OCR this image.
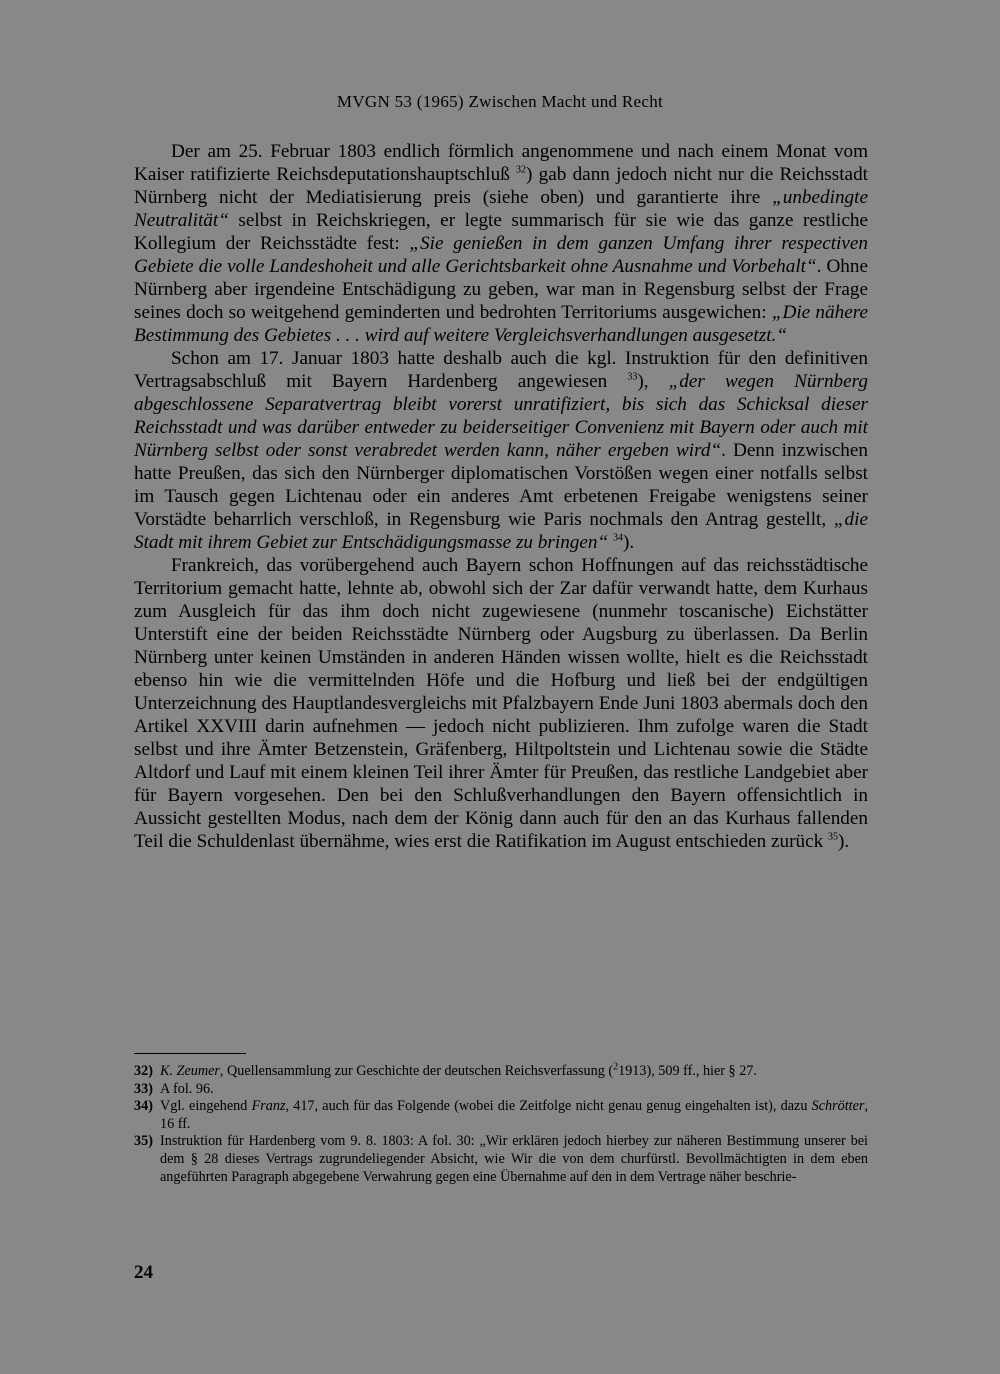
MVGN 53 (1965) Zwischen Macht und Recht

Der am 25. Februar 1803 endlich förmlich angenommene und nach einem Monat vom Kaiser ratifizierte Reichsdeputationshauptschluß $^{32}$) gab dann jedoch nicht nur die Reichsstadt Nürnberg nicht der Mediatisierung preis (siehe oben) und garantierte ihre „unbedingte Neutralität“ selbst in Reichskriegen, er legte summarisch für sie wie das ganze restliche Kollegium der Reichsstädte fest: „Sie genießen in dem ganzen Umfang ihrer respectiven Gebiete die volle Landeshoheit und alle Gerichtsbarkeit ohne Ausnahme und Vorbehalt“. Ohne Nürnberg aber irgendeine Entschädigung zu geben, war man in Regensburg selbst der Frage seines doch so weitgehend geminderten und bedrohten Territoriums ausgewichen: „Die nähere Bestimmung des Gebietes . . . wird auf weitere Vergleichsverhandlungen ausgesetzt.“

Schon am 17. Januar 1803 hatte deshalb auch die kgl. Instruktion für den definitiven Vertragsabschluß mit Bayern Hardenberg angewiesen $^{33}$), „der wegen Nürnberg abgeschlossene Separatvertrag bleibt vorerst unratifiziert, bis sich das Schicksal dieser Reichsstadt und was darüber entweder zu beiderseitiger Convenienz mit Bayern oder auch mit Nürnberg selbst oder sonst verabredet werden kann, näher ergeben wird“. Denn inzwischen hatte Preußen, das sich den Nürnberger diplomatischen Vorstößen wegen einer notfalls selbst im Tausch gegen Lichtenau oder ein anderes Amt erbetenen Freigabe wenigstens seiner Vorstädte beharrlich verschloß, in Regensburg wie Paris nochmals den Antrag gestellt, „die Stadt mit ihrem Gebiet zur Entschädigungsmasse zu bringen“ $^{34}$).

Frankreich, das vorübergehend auch Bayern schon Hoffnungen auf das reichsstädtische Territorium gemacht hatte, lehnte ab, obwohl sich der Zar dafür verwandt hatte, dem Kurhaus zum Ausgleich für das ihm doch nicht zugewiesene (nunmehr toscanische) Eichstätter Unterstift eine der beiden Reichsstädte Nürnberg oder Augsburg zu überlassen. Da Berlin Nürnberg unter keinen Umständen in anderen Händen wissen wollte, hielt es die Reichsstadt ebenso hin wie die vermittelnden Höfe und die Hofburg und ließ bei der endgültigen Unterzeichnung des Hauptlandesvergleichs mit Pfalzbayern Ende Juni 1803 abermals doch den Artikel XXVIII darin aufnehmen — jedoch nicht publizieren. Ihm zufolge waren die Stadt selbst und ihre Ämter Betzenstein, Gräfenberg, Hiltpoltstein und Lichtenau sowie die Städte Altdorf und Lauf mit einem kleinen Teil ihrer Ämter für Preußen, das restliche Landgebiet aber für Bayern vorgesehen. Den bei den Schlußverhandlungen den Bayern offensichtlich in Aussicht gestellten Modus, nach dem der König dann auch für den an das Kurhaus fallenden Teil die Schuldenlast übernähme, wies erst die Ratifikation im August entschieden zurück $^{35}$).

32) K. Zeumer, Quellensammlung zur Geschichte der deutschen Reichsverfassung ($^2$1913), 509 ff., hier § 27.
33) A fol. 96.
34) Vgl. eingehend Franz, 417, auch für das Folgende (wobei die Zeitfolge nicht genau genug eingehalten ist), dazu Schrötter, 16 ff.
35) Instruktion für Hardenberg vom 9. 8. 1803: A fol. 30: „Wir erklären jedoch hierbey zur näheren Bestimmung unserer bei dem § 28 dieses Vertrags zugrundeliegender Absicht, wie Wir die von dem churfürstl. Bevollmächtigten in dem eben angeführten Paragraph abgegebene Verwahrung gegen eine Übernahme auf den in dem Vertrage näher beschrie-
24
